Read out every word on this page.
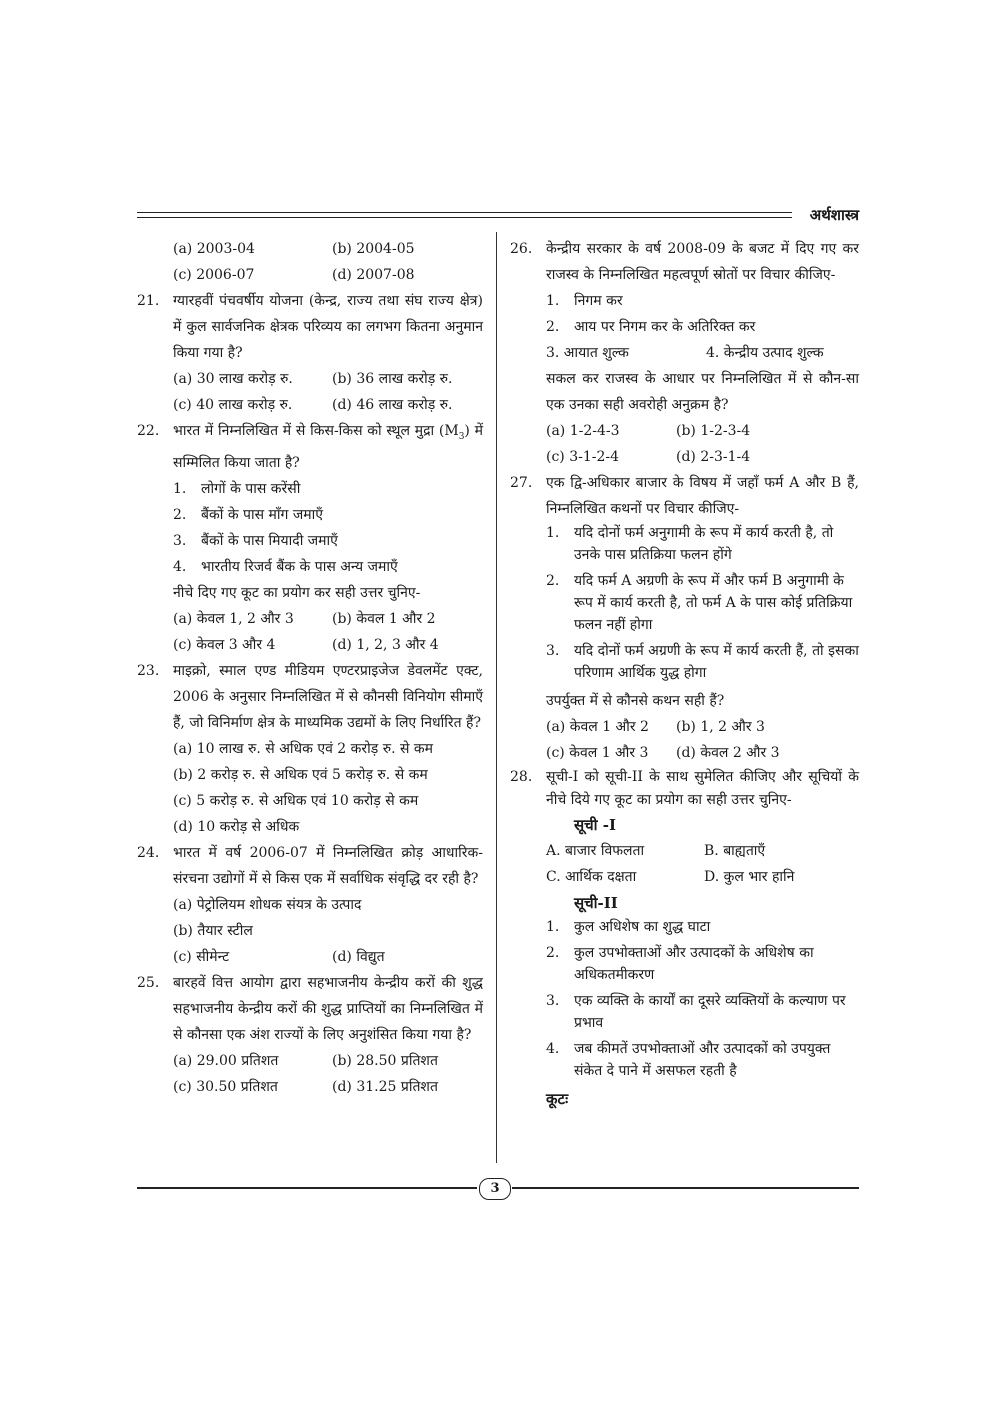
अर्थशास्त्र
(a) 2003-04	(b) 2004-05
(c) 2006-07	(d) 2007-08
21. ग्यारहवीं पंचवर्षीय योजना (केन्द्र, राज्य तथा संघ राज्य क्षेत्र) में कुल सार्वजनिक क्षेत्रक परिव्यय का लगभग कितना अनुमान किया गया है?
(a) 30 लाख करोड़ रु.	(b) 36 लाख करोड़ रु.
(c) 40 लाख करोड़ रु.	(d) 46 लाख करोड़ रु.
22. भारत में निम्नलिखित में से किस-किस को स्थूल मुद्रा $(M_3)$ में सम्मिलित किया जाता है?
1. लोगों के पास करेंसी
2. बैंकों के पास माँग जमाएँ
3. बैंकों के पास मियादी जमाएँ
4. भारतीय रिजर्व बैंक के पास अन्य जमाएँ
नीचे दिए गए कूट का प्रयोग कर सही उत्तर चुनिए-
(a) केवल 1, 2 और 3	(b) केवल 1 और 2
(c) केवल 3 और 4	(d) 1, 2, 3 और 4
23. माइक्रो, स्माल एण्ड मीडियम एण्टरप्राइजेज डेवलमेंट एक्ट, 2006 के अनुसार निम्नलिखित में से कौनसी विनियोग सीमाएँ हैं, जो विनिर्माण क्षेत्र के माध्यमिक उद्यमों के लिए निर्धारित हैं?
(a) 10 लाख रु. से अधिक एवं 2 करोड़ रु. से कम
(b) 2 करोड़ रु. से अधिक एवं 5 करोड़ रु. से कम
(c) 5 करोड़ रु. से अधिक एवं 10 करोड़ से कम
(d) 10 करोड़ से अधिक
24. भारत में वर्ष 2006-07 में निम्नलिखित क्रोड़ आधारिक-संरचना उद्योगों में से किस एक में सर्वाधिक संवृद्धि दर रही है?
(a) पेट्रोलियम शोधक संयत्र के उत्पाद
(b) तैयार स्टील
(c) सीमेन्ट	(d) विद्युत
25. बारहवें वित्त आयोग द्वारा सहभाजनीय केन्द्रीय करों की शुद्ध सहभाजनीय केन्द्रीय करों की शुद्ध प्राप्तियों का निम्नलिखित में से कौनसा एक अंश राज्यों के लिए अनुशंसित किया गया है?
(a) 29.00 प्रतिशत	(b) 28.50 प्रतिशत
(c) 30.50 प्रतिशत	(d) 31.25 प्रतिशत
26. केन्द्रीय सरकार के वर्ष 2008-09 के बजट में दिए गए कर राजस्व के निम्नलिखित महत्वपूर्ण स्रोतों पर विचार कीजिए-
1. निगम कर
2. आय पर निगम कर के अतिरिक्त कर
3. आयात शुल्क	4. केन्द्रीय उत्पाद शुल्क
सकल कर राजस्व के आधार पर निम्नलिखित में से कौन-सा एक उनका सही अवरोही अनुक्रम है?
(a) 1-2-4-3	(b) 1-2-3-4
(c) 3-1-2-4	(d) 2-3-1-4
27. एक द्वि-अधिकार बाजार के विषय में जहाँ फर्म A और B हैं, निम्नलिखित कथनों पर विचार कीजिए-
1. यदि दोनों फर्म अनुगामी के रूप में कार्य करती है, तो उनके पास प्रतिक्रिया फलन होंगे
2. यदि फर्म A अग्रणी के रूप में और फर्म B अनुगामी के रूप में कार्य करती है, तो फर्म A के पास कोई प्रतिक्रिया फलन नहीं होगा
3. यदि दोनों फर्म अग्रणी के रूप में कार्य करती हैं, तो इसका परिणाम आर्थिक युद्ध होगा
उपर्युक्त में से कौनसे कथन सही हैं?
(a) केवल 1 और 2	(b) 1, 2 और 3
(c) केवल 1 और 3	(d) केवल 2 और 3
28. सूची-I को सूची-II के साथ सुमेलित कीजिए और सूचियों के नीचे दिये गए कूट का प्रयोग का सही उत्तर चुनिए-
सूची -I
A. बाजार विफलता	B. बाह्यताएँ
C. आर्थिक दक्षता	D. कुल भार हानि
सूची-II
1. कुल अधिशेष का शुद्ध घाटा
2. कुल उपभोक्ताओं और उत्पादकों के अधिशेष का अधिकतमीकरण
3. एक व्यक्ति के कार्यों का दूसरे व्यक्तियों के कल्याण पर प्रभाव
4. जब कीमतें उपभोक्ताओं और उत्पादकों को उपयुक्त संकेत दे पाने में असफल रहती है
कूटः
3
